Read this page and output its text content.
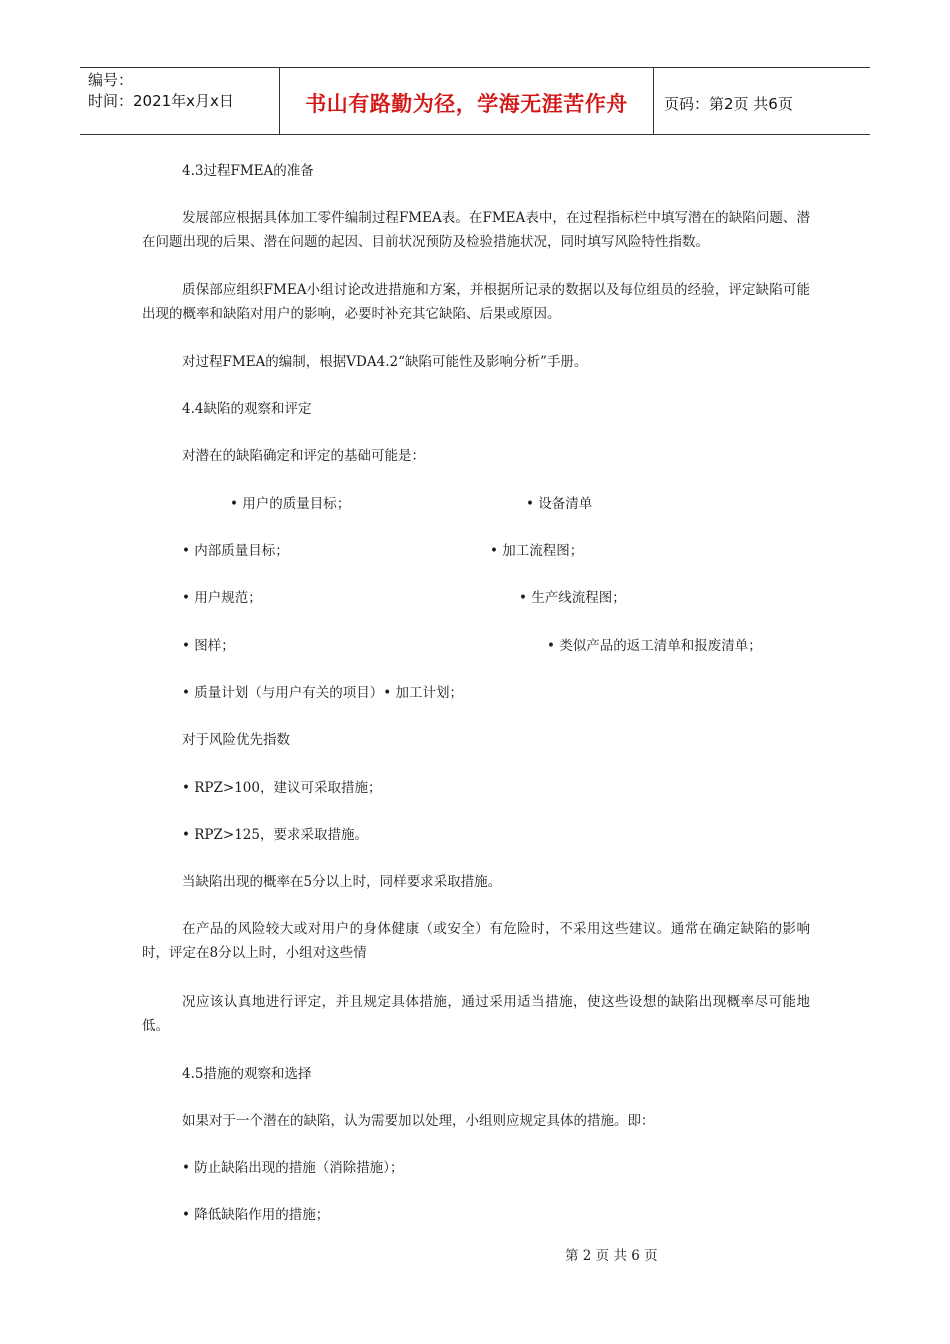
编号：
时间：2021年x月x日	书山有路勤为径，学海无涯苦作舟 页码：第2页 共6页
4.3过程FMEA的准备
发展部应根据具体加工零件编制过程FMEA表。在FMEA表中，在过程指标栏中填写潜在的缺陷问题、潜在问题出现的后果、潜在问题的起因、目前状况预防及检验措施状况，同时填写风险特性指数。
质保部应组织FMEA小组讨论改进措施和方案，并根据所记录的数据以及每位组员的经验，评定缺陷可能出现的概率和缺陷对用户的影响，必要时补充其它缺陷、后果或原因。
对过程FMEA的编制，根据VDA4.2“缺陷可能性及影响分析”手册。
4.4缺陷的观察和评定
对潜在的缺陷确定和评定的基础可能是：
• 用户的质量目标；	• 设备清单
• 内部质量目标；	• 加工流程图；
• 用户规范；	• 生产线流程图；
• 图样；	• 类似产品的返工清单和报废清单；
• 质量计划（与用户有关的项目）• 加工计划；
对于风险优先指数
• RPZ>100，建议可采取措施；
• RPZ>125，要求采取措施。
当缺陷出现的概率在5分以上时，同样要求采取措施。
在产品的风险较大或对用户的身体健康（或安全）有危险时，不采用这些建议。通常在确定缺陷的影响时，评定在8分以上时，小组对这些情
况应该认真地进行评定，并且规定具体措施，通过采用适当措施，使这些设想的缺陷出现概率尽可能地低。
4.5措施的观察和选择
如果对于一个潜在的缺陷，认为需要加以处理，小组则应规定具体的措施。即：
• 防止缺陷出现的措施（消除措施）；
• 降低缺陷作用的措施；
第 2 页 共 6 页
